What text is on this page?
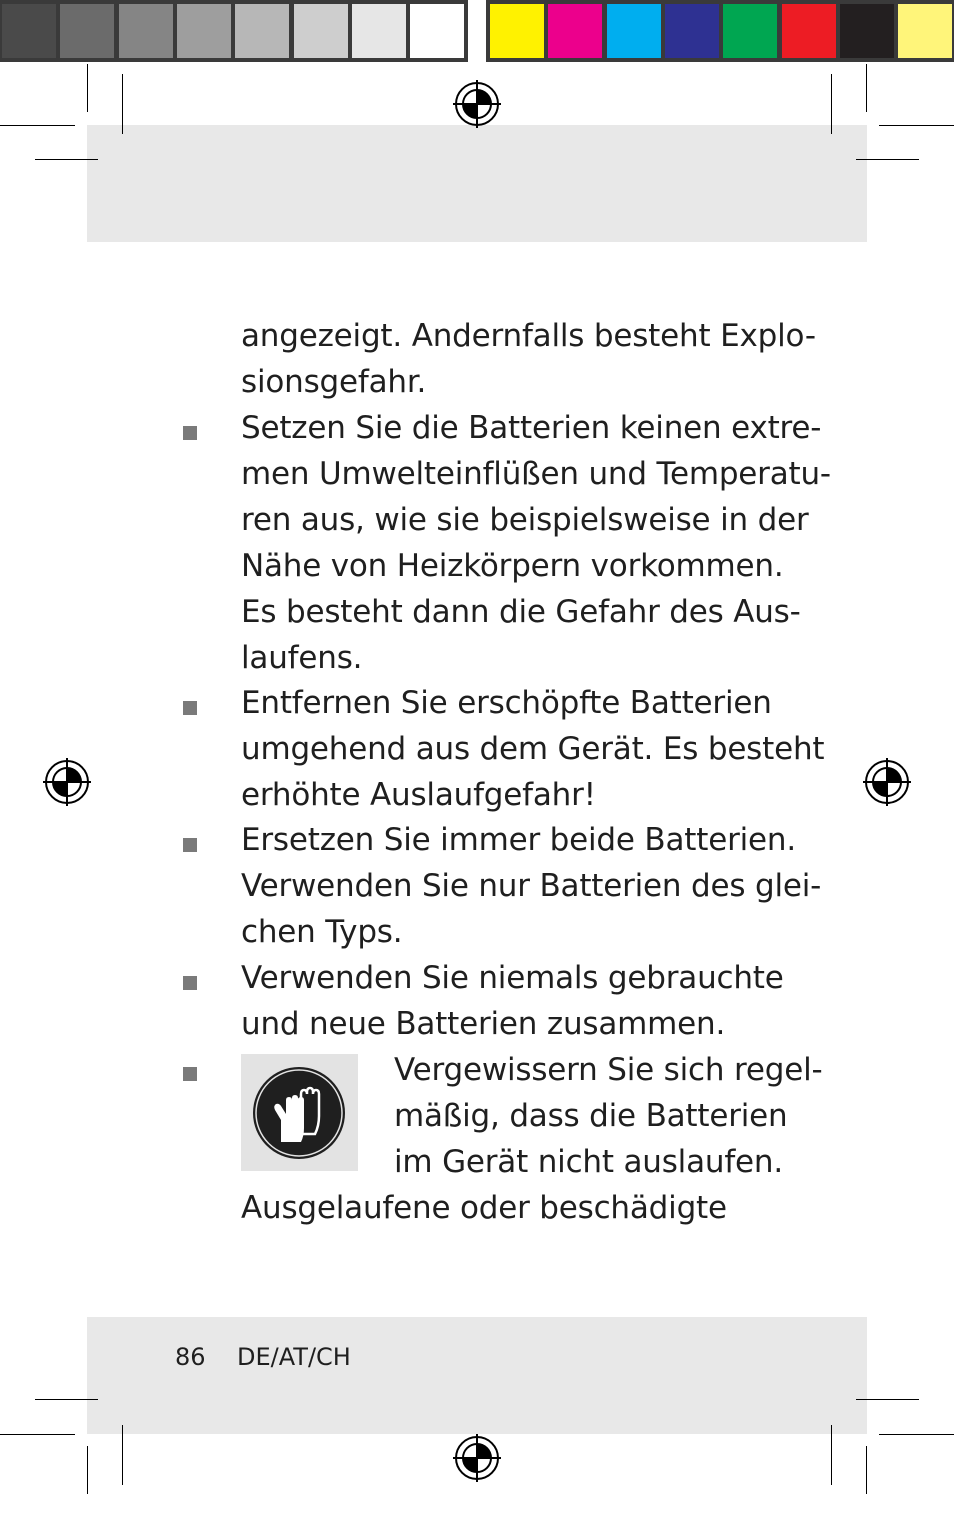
angezeigt. Andernfalls besteht Explo-
sionsgefahr.
Setzen Sie die Batterien keinen extre-
men Umwelteinflüßen und Temperatu-
ren aus, wie sie beispielsweise in der
Nähe von Heizkörpern vorkommen.
Es besteht dann die Gefahr des Aus-
laufens.
Entfernen Sie erschöpfte Batterien
umgehend aus dem Gerät. Es besteht
erhöhte Auslaufgefahr!
Ersetzen Sie immer beide Batterien.
Verwenden Sie nur Batterien des glei-
chen Typs.
Verwenden Sie niemals gebrauchte
und neue Batterien zusammen.
Vergewissern Sie sich regel-
mäßig, dass die Batterien
im Gerät nicht auslaufen.
Ausgelaufene oder beschädigte
86 DE/AT/CH
